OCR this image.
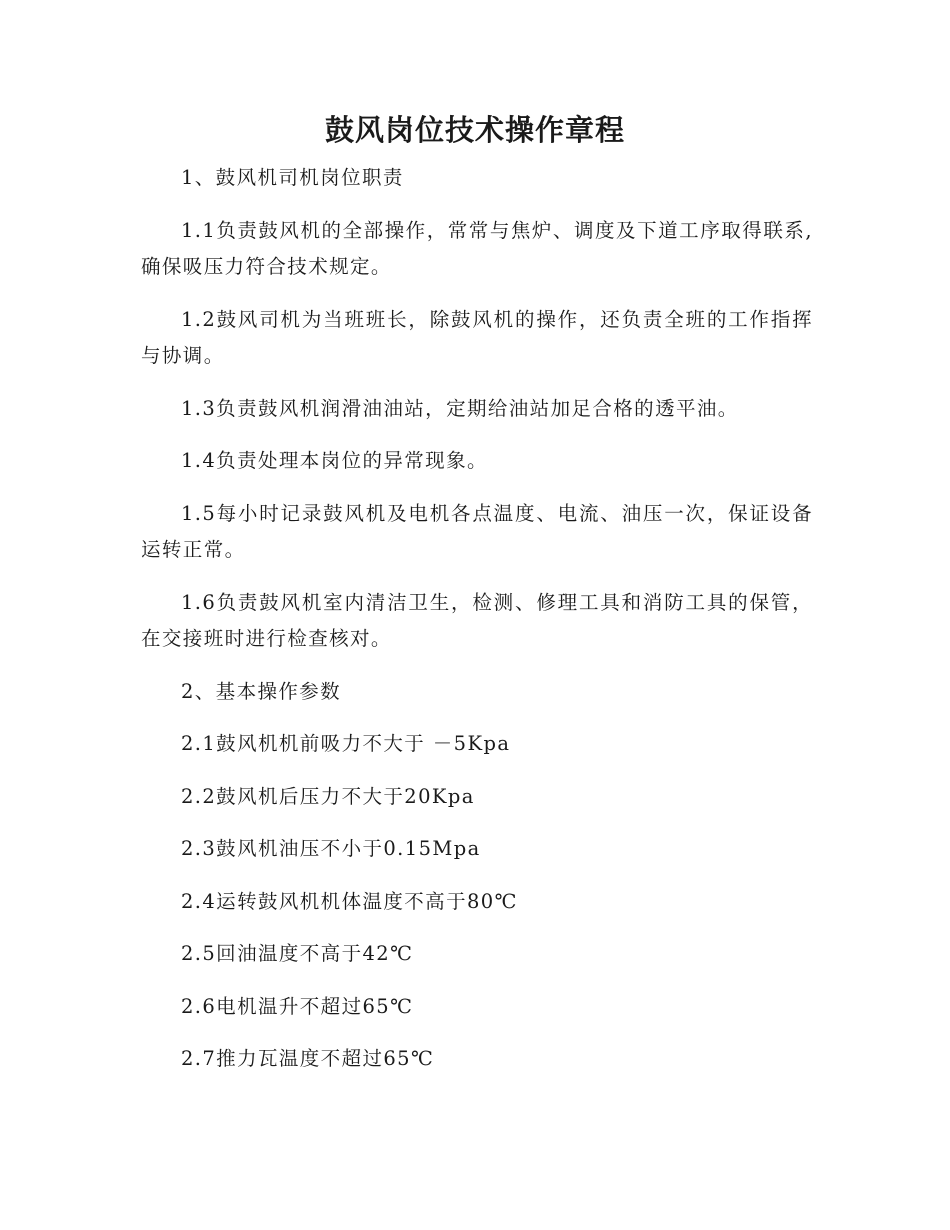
鼓风岗位技术操作章程

1、鼓风机司机岗位职责

1.1负责鼓风机的全部操作，常常与焦炉、调度及下道工序取得联系,确保吸压力符合技术规定。

1.2鼓风司机为当班班长，除鼓风机的操作，还负责全班的工作指挥与协调。

1.3负责鼓风机润滑油油站，定期给油站加足合格的透平油。

1.4负责处理本岗位的异常现象。

1.5每小时记录鼓风机及电机各点温度、电流、油压一次，保证设备运转正常。

1.6负责鼓风机室内清洁卫生，检测、修理工具和消防工具的保管，在交接班时进行检查核对。

2、基本操作参数

2.1鼓风机机前吸力不大于 －5Kpa

2.2鼓风机后压力不大于20Kpa

2.3鼓风机油压不小于0.15Mpa

2.4运转鼓风机机体温度不高于80℃

2.5回油温度不高于42℃

2.6电机温升不超过65℃

2.7推力瓦温度不超过65℃
